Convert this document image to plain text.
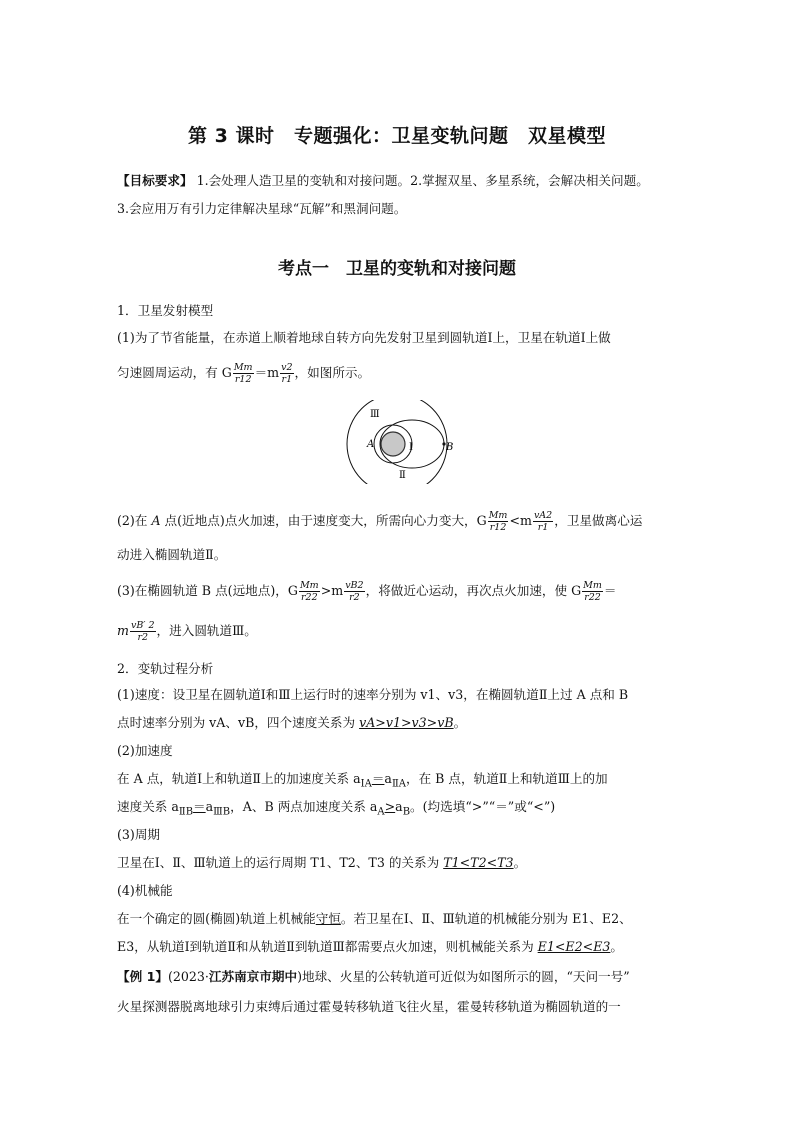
第 3 课时　专题强化：卫星变轨问题　双星模型
【目标要求】 1.会处理人造卫星的变轨和对接问题。2.掌握双星、多星系统，会解决相关问题。
3.会应用万有引力定律解决星球“瓦解”和黑洞问题。
考点一　卫星的变轨和对接问题
1．卫星发射模型
(1)为了节省能量，在赤道上顺着地球自转方向先发射卫星到圆轨道Ⅰ上，卫星在轨道Ⅰ上做
匀速圆周运动，有 G $\frac{Mm}{r12} =m \frac{v2}{r1}$ ，如图所示。
Ⅲ
A	Ⅰ	B
Ⅱ
(2)在 A 点(近地点)点火加速，由于速度变大，所需向心力变大，G $\frac{Mm}{r12} <m \frac{vA2}{r1}$ ，卫星做离心运
动进入椭圆轨道Ⅱ。
(3)在椭圆轨道 B 点(远地点)，G $\frac{Mm}{r22} >m \frac{vB2}{r2}$ ，将做近心运动，再次点火加速，使 G $\frac{Mm}{r22}$ ＝
m $\frac{vB' 2}{r2}$ ，进入圆轨道Ⅲ。
2．变轨过程分析
(1)速度：设卫星在圆轨道Ⅰ和Ⅲ上运行时的速率分别为 v1、v3，在椭圆轨道Ⅱ上过 A 点和 B
点时速率分别为 vA、vB，四个速度关系为 vA>v1>v3>vB。
(2)加速度
在 A 点，轨道Ⅰ上和轨道Ⅱ上的加速度关系 $a_{ⅠA}=a_{ⅡA}$，在 B 点，轨道Ⅱ上和轨道Ⅲ上的加
速度关系 $a_{ⅡB}=a_{ⅢB}$，A、B 两点加速度关系 $a_A>a_B$。(均选填“>”“＝”或“<”)
(3)周期
卫星在Ⅰ、Ⅱ、Ⅲ轨道上的运行周期 T1、T2、T3 的关系为 T1<T2<T3。
(4)机械能
在一个确定的圆(椭圆)轨道上机械能守恒。若卫星在Ⅰ、Ⅱ、Ⅲ轨道的机械能分别为 E1、E2、
E3，从轨道Ⅰ到轨道Ⅱ和从轨道Ⅱ到轨道Ⅲ都需要点火加速，则机械能关系为 E1<E2<E3。
【例 1】(2023·江苏南京市期中)地球、火星的公转轨道可近似为如图所示的圆，“天问一号”
火星探测器脱离地球引力束缚后通过霍曼转移轨道飞往火星，霍曼转移轨道为椭圆轨道的一
